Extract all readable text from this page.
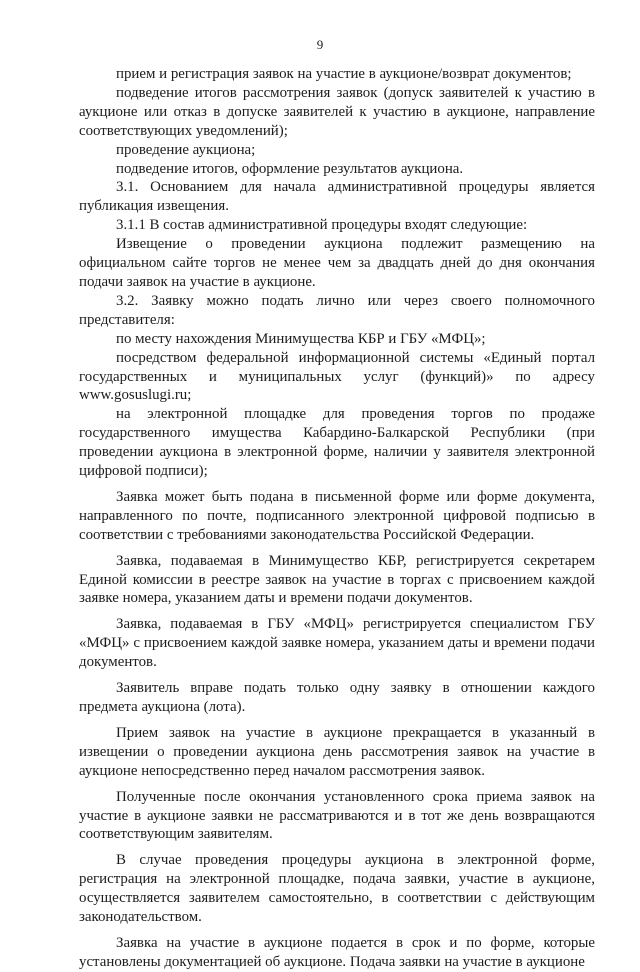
9

прием и регистрация заявок на участие в аукционе/возврат документов;

подведение итогов рассмотрения заявок (допуск заявителей к участию в аукционе или отказ в допуске заявителей к участию в аукционе, направление соответствующих уведомлений);

проведение аукциона;

подведение итогов, оформление результатов аукциона.

3.1. Основанием для начала административной процедуры является публикация извещения.

3.1.1 В состав административной процедуры входят следующие:

Извещение о проведении аукциона подлежит размещению на официальном сайте торгов не менее чем за двадцать дней до дня окончания подачи заявок на участие в аукционе.

3.2. Заявку можно подать лично или через своего полномочного представителя:

по месту нахождения Минимущества КБР и ГБУ «МФЦ»;

посредством федеральной информационной системы «Единый портал государственных и муниципальных услуг (функций)» по адресу www.gosuslugi.ru;

на электронной площадке для проведения торгов по продаже государственного имущества Кабардино-Балкарской Республики (при проведении аукциона в электронной форме, наличии у заявителя электронной цифровой подписи);

Заявка может быть подана в письменной форме или форме документа, направленного по почте, подписанного электронной цифровой подписью в соответствии с требованиями законодательства Российской Федерации.

Заявка, подаваемая в Минимущество КБР, регистрируется секретарем Единой комиссии в реестре заявок на участие в торгах с присвоением каждой заявке номера, указанием даты и времени подачи документов.

Заявка, подаваемая в ГБУ «МФЦ» регистрируется специалистом ГБУ «МФЦ» с присвоением каждой заявке номера, указанием даты и времени подачи документов.

Заявитель вправе подать только одну заявку в отношении каждого предмета аукциона (лота).

Прием заявок на участие в аукционе прекращается в указанный в извещении о проведении аукциона день рассмотрения заявок на участие в аукционе непосредственно перед началом рассмотрения заявок.

Полученные после окончания установленного срока приема заявок на участие в аукционе заявки не рассматриваются и в тот же день возвращаются соответствующим заявителям.

В случае проведения процедуры аукциона в электронной форме, регистрация на электронной площадке, подача заявки, участие в аукционе, осуществляется заявителем самостоятельно, в соответствии с действующим законодательством.

Заявка на участие в аукционе подается в срок и по форме, которые установлены документацией об аукционе. Подача заявки на участие в аукционе
